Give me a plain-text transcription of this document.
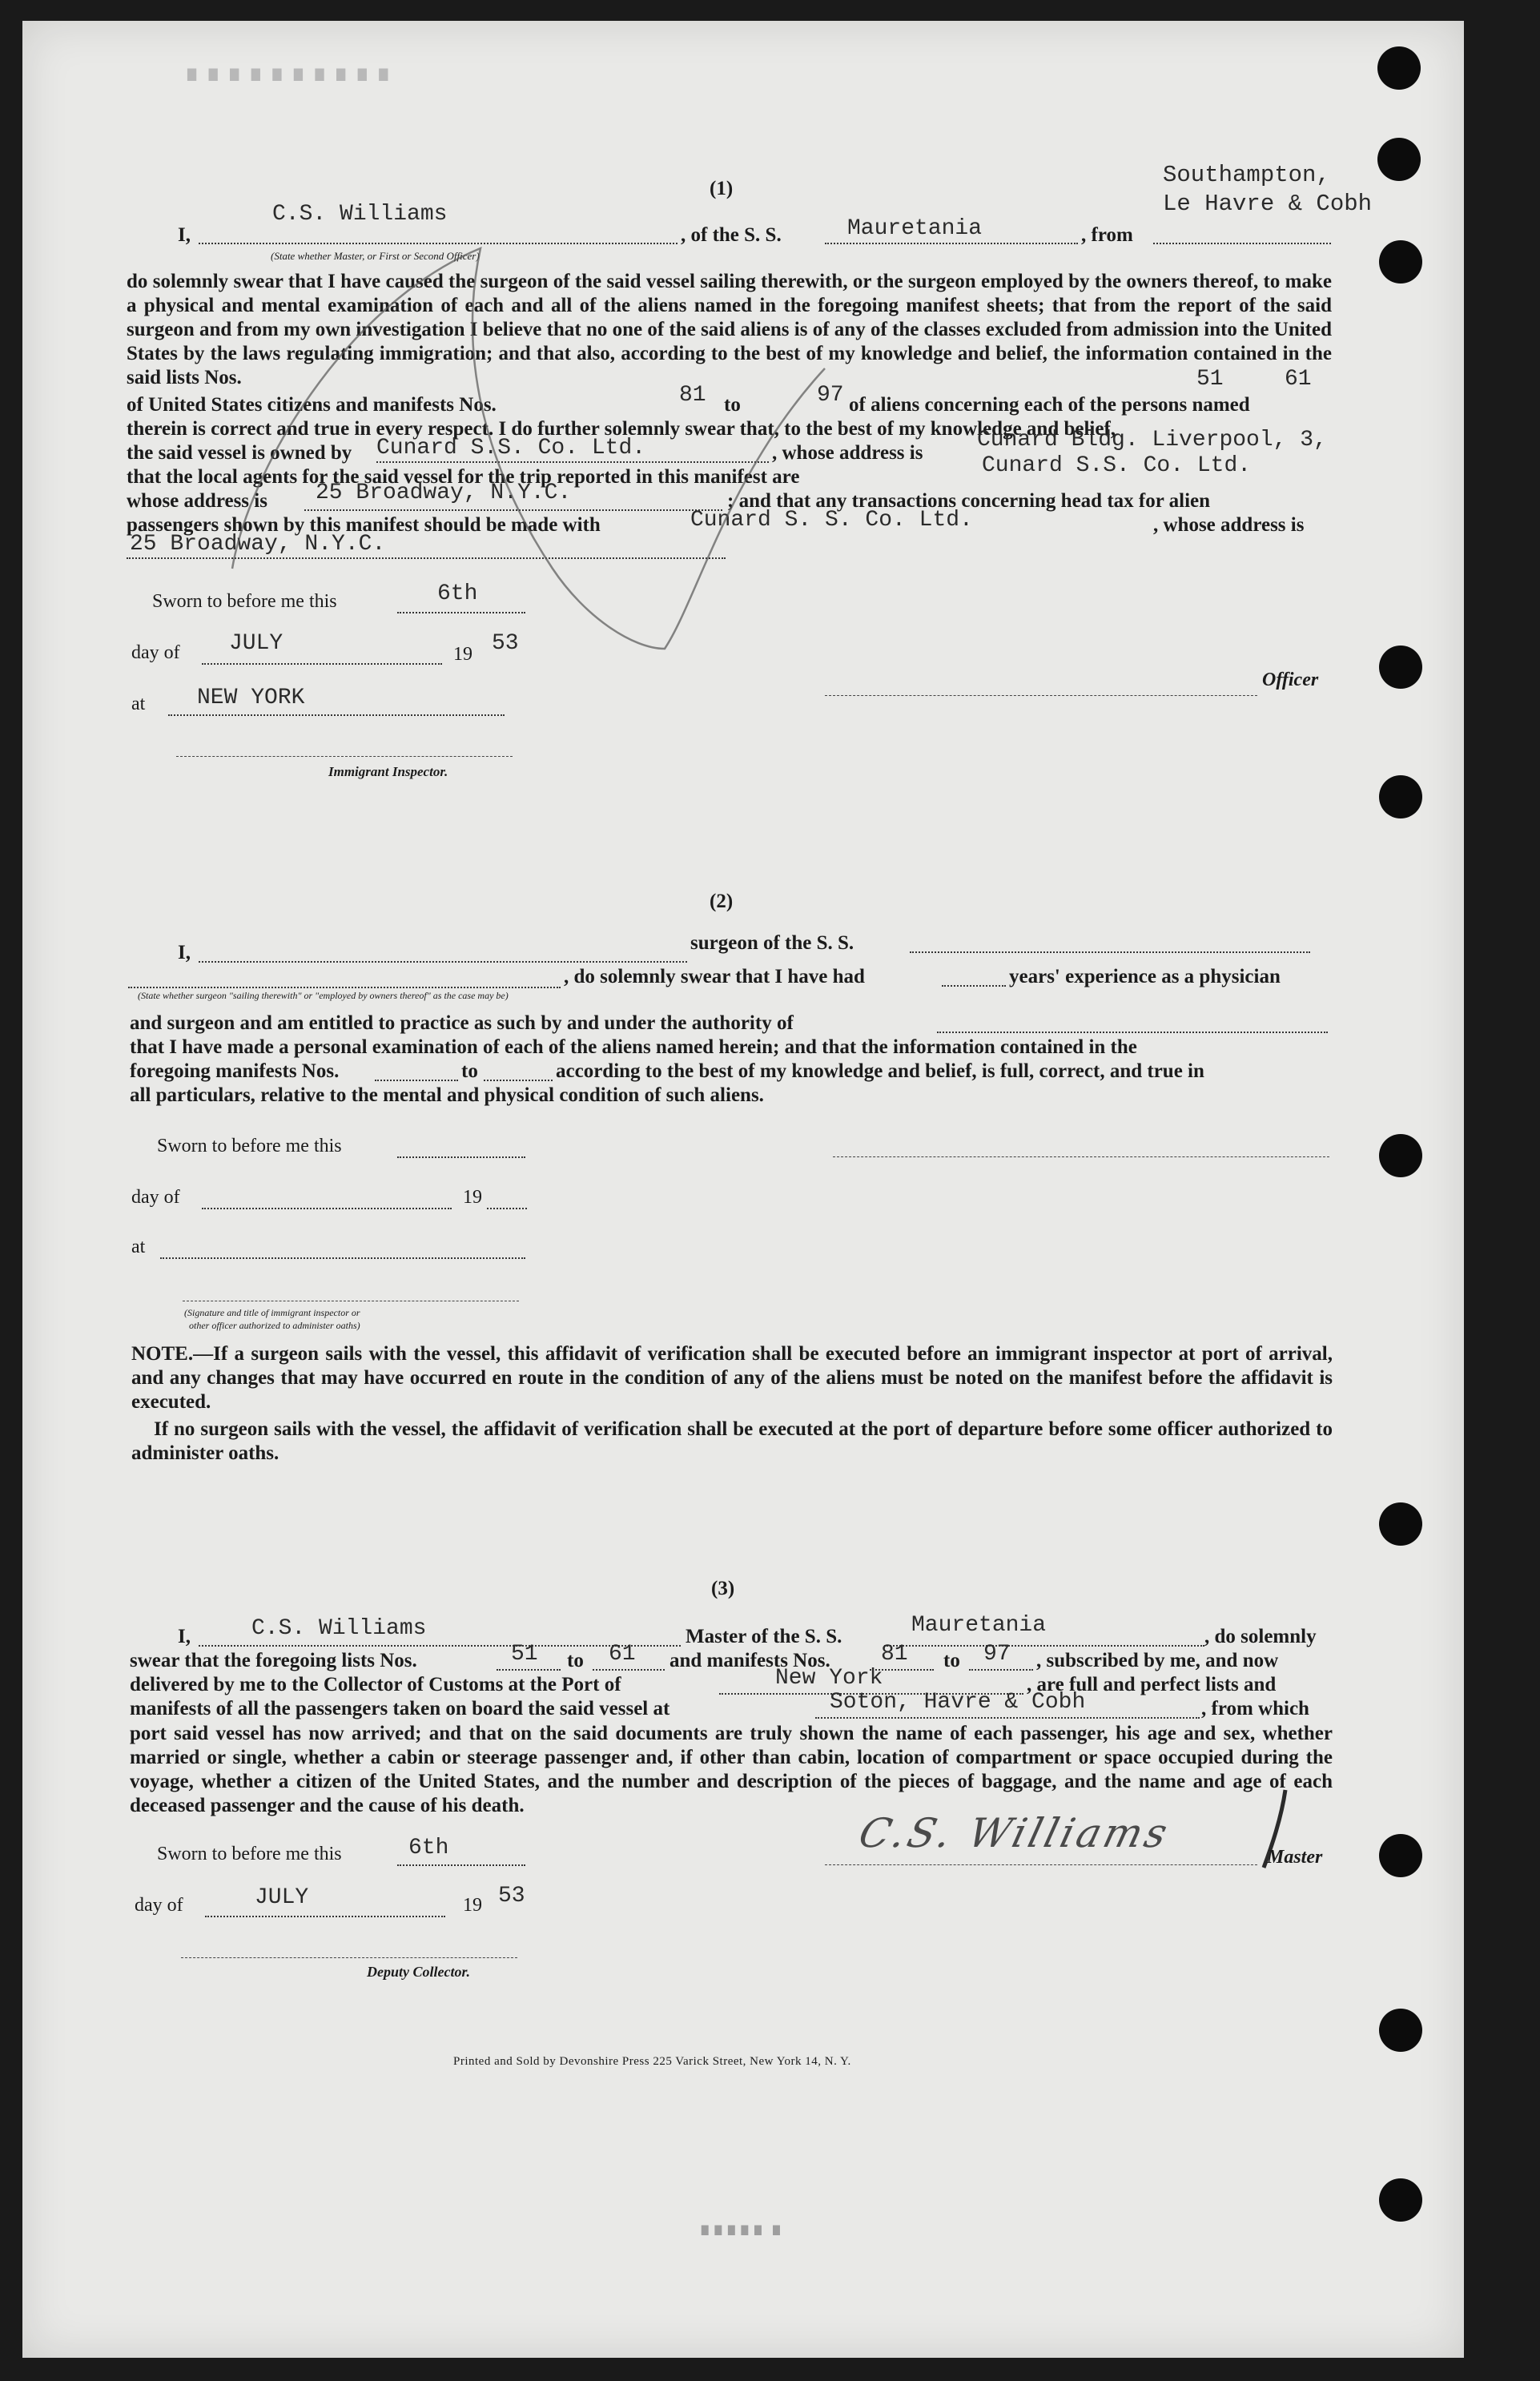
∎ ∎ ∎ ∎ ∎ ∎ ∎ ∎ ∎ ∎
(1)
Southampton,
Le Havre & Cobh
I,
C.S. Williams
(State whether Master, or First or Second Officer)
, of the S. S.	Mauretania	, from
do solemnly swear that I have caused the surgeon of the said vessel sailing therewith, or the surgeon employed by the owners thereof, to make a physical and mental examination of each and all of the aliens named in the foregoing manifest sheets; that from the report of the said surgeon and from my own investigation I believe that no one of the said aliens is of any of the classes excluded from admission into the United States by the laws regulating immigration; and that also, according to the best of my knowledge and belief, the information contained in the said lists Nos.	51	61
of United States citizens and manifests Nos.	81 to	97 of aliens concerning each of the persons named
therein is correct and true in every respect. I do further solemnly swear that, to the best of my knowledge and belief,
the said vessel is owned by Cunard S.S. Co. Ltd.	, whose address is
Cunard Bldg. Liverpool, 3,
that the local agents for the said vessel for the trip reported in this manifest are	Cunard S.S. Co. Ltd.
whose address is 25 Broadway, N.Y.C.	; and that any transactions concerning head tax for alien
passengers shown by this manifest should be made with	Cunard S. S. Co. Ltd.	, whose address is
25 Broadway, N.Y.C.
Sworn to before me this	6th
day of JULY	19 53
at NEW YORK
Officer
Immigrant Inspector.
(2)
I,	surgeon of the S. S.
, do solemnly swear that I have had	years' experience as a physician
(State whether surgeon "sailing therewith" or "employed by owners thereof" as the case may be)
and surgeon and am entitled to practice as such by and under the authority of
that I have made a personal examination of each of the aliens named herein; and that the information contained in the
foregoing manifests Nos.	to	according to the best of my knowledge and belief, is full, correct, and true in
all particulars, relative to the mental and physical condition of such aliens.
Sworn to before me this
day of	19
at
(Signature and title of immigrant inspector or
other officer authorized to administer oaths)
NOTE.—If a surgeon sails with the vessel, this affidavit of verification shall be executed before an immigrant inspector at port of arrival, and any changes that may have occurred en route in the condition of any of the aliens must be noted on the manifest before the affidavit is executed.
If no surgeon sails with the vessel, the affidavit of verification shall be executed at the port of departure before some officer authorized to administer oaths.
(3)
I,	C.S. Williams	Master of the S. S.	Mauretania	, do solemnly
swear that the foregoing lists Nos.	51 to 61 and manifests Nos. 81 to 97 , subscribed by me, and now
delivered by me to the Collector of Customs at the Port of	New York	, are full and perfect lists and
manifests of all the passengers taken on board the said vessel at	Soton, Havre & Cobh	, from which
port said vessel has now arrived; and that on the said documents are truly shown the name of each passenger, his age and sex, whether married or single, whether a cabin or steerage passenger and, if other than cabin, location of compartment or space occupied during the voyage, whether a citizen of the United States, and the number and description of the pieces of baggage, and the name and age of each deceased passenger and the cause of his death.
Sworn to before me this	6th
day of	JULY	19 53
C.S. Williams
Master
Deputy Collector.
Printed and Sold by Devonshire Press 225 Varick Street, New York 14, N. Y.
∎ ∎∎∎∎∎
